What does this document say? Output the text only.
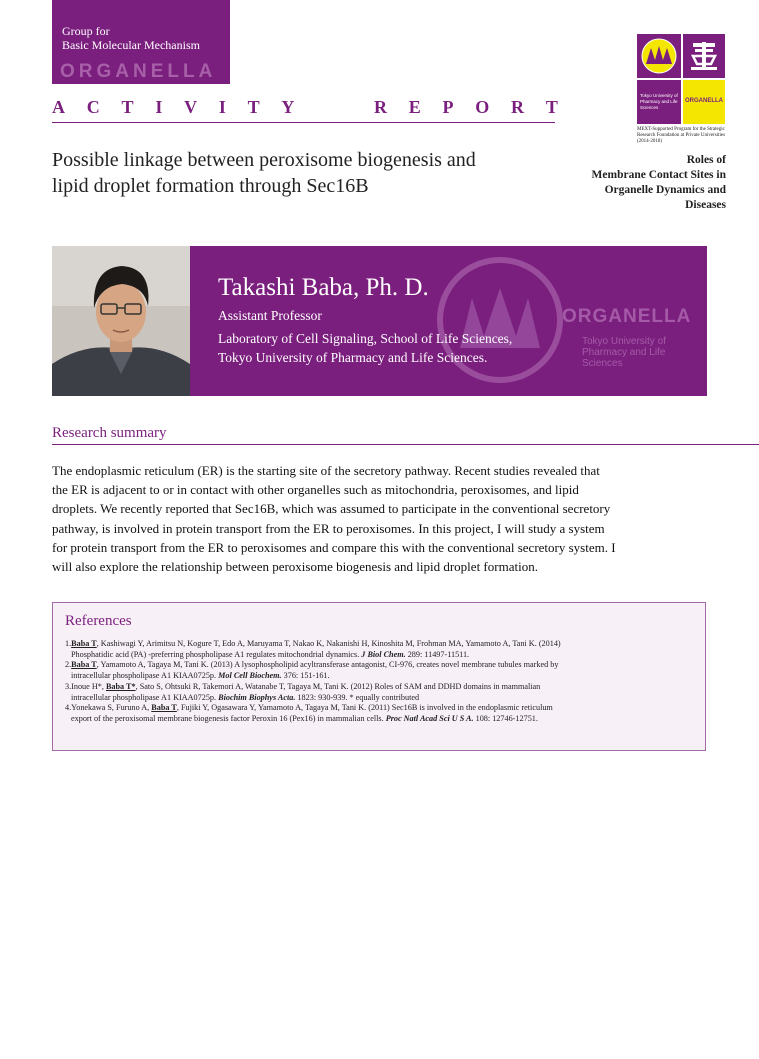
Group for
Basic Molecular Mechanism
ORGANELLA
A C T I V I T Y	R E P O R T
Tokyo University of Pharmacy and Life Sciences
ORGANELLA
MEXT-Supported Program for the Strategic Research Foundation at Private Universities (2014-2018)
Possible linkage between peroxisome biogenesis and
lipid droplet formation through Sec16B
Roles of
Membrane Contact Sites in
Organelle Dynamics and
Diseases
ORGANELLA
Tokyo University of Pharmacy and Life Sciences
Takashi Baba, Ph. D.
Assistant Professor
Laboratory of Cell Signaling, School of Life Sciences,
Tokyo University of Pharmacy and Life Sciences.
Research summary

The endoplasmic reticulum (ER) is the starting site of the secretory pathway. Recent studies revealed that

the ER is adjacent to or in contact with other organelles such as mitochondria, peroxisomes, and lipid

droplets. We recently reported that Sec16B, which was assumed to participate in the conventional secretory

pathway, is involved in protein transport from the ER to peroxisomes. In this project, I will study a system

for protein transport from the ER to peroxisomes and compare this with the conventional secretory system. I

will also explore the relationship between peroxisome biogenesis and lipid droplet formation.

References
1.Baba T, Kashiwagi Y, Arimitsu N, Kogure T, Edo A, Maruyama T, Nakao K, Nakanishi H, Kinoshita M, Frohman MA, Yamamoto A, Tani K. (2014)
Phosphatidic acid (PA) -preferring phospholipase A1 regulates mitochondrial dynamics. J Biol Chem. 289: 11497-11511.
2.Baba T, Yamamoto A, Tagaya M, Tani K. (2013) A lysophospholipid acyltransferase antagonist, CI-976, creates novel membrane tubules marked by
intracellular phospholipase A1 KIAA0725p. Mol Cell Biochem. 376: 151-161.
3.Inoue H*, Baba T*, Sato S, Ohtsuki R, Takemori A, Watanabe T, Tagaya M, Tani K. (2012) Roles of SAM and DDHD domains in mammalian
intracellular phospholipase A1 KIAA0725p. Biochim Biophys Acta. 1823: 930-939. * equally contributed
4.Yonekawa S, Furuno A, Baba T, Fujiki Y, Ogasawara Y, Yamamoto A, Tagaya M, Tani K. (2011) Sec16B is involved in the endoplasmic reticulum
export of the peroxisomal membrane biogenesis factor Peroxin 16 (Pex16) in mammalian cells. Proc Natl Acad Sci U S A. 108: 12746-12751.
